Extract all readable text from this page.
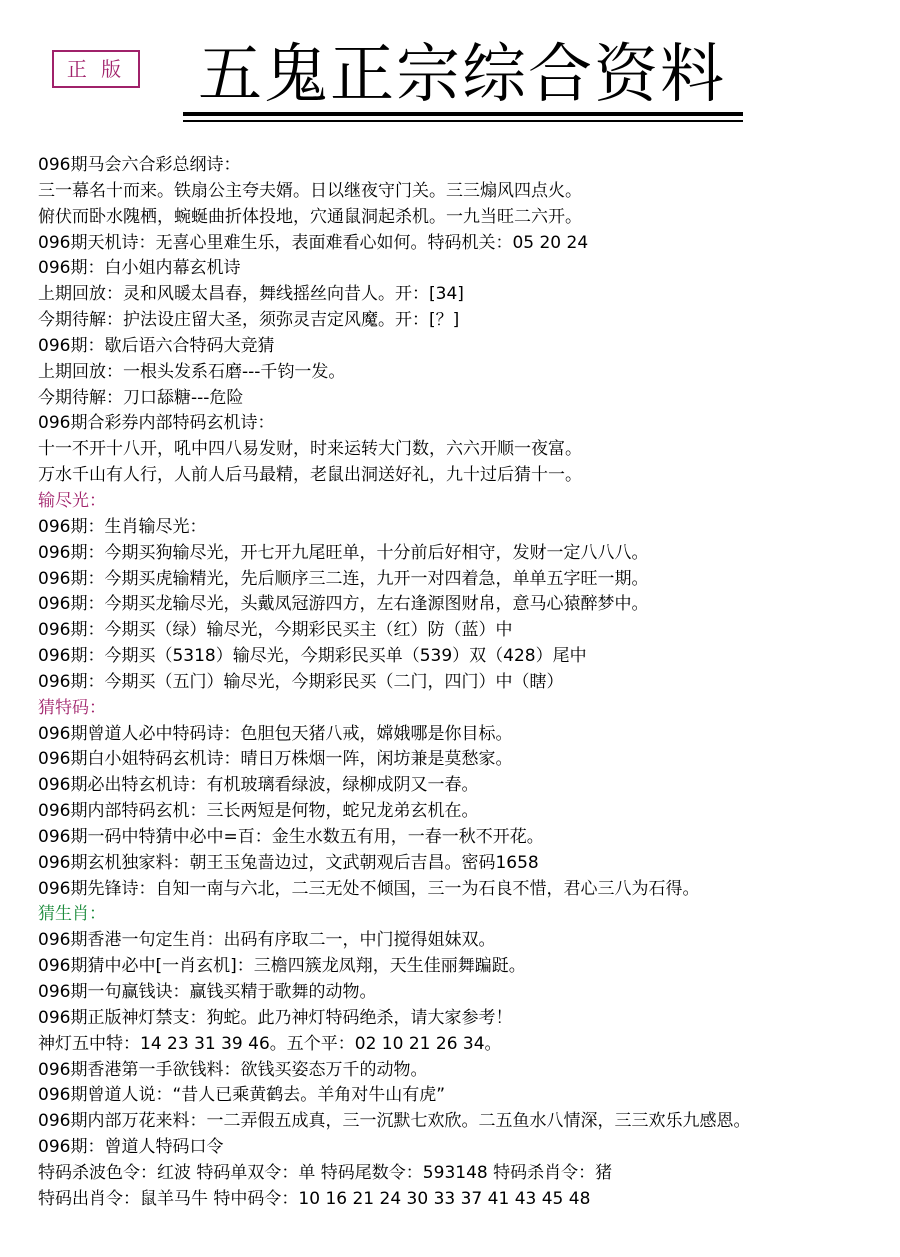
正 版 五鬼正宗综合资料
096期马会六合彩总纲诗：
三一幕名十而来。铁扇公主夸夫婿。日以继夜守门关。三三煽风四点火。
俯伏而卧水隗栖，蜿蜒曲折体投地，穴通鼠洞起杀机。一九当旺二六开。
096期天机诗：无喜心里难生乐，表面难看心如何。特码机关：05 20 24
096期：白小姐内幕玄机诗
上期回放：灵和风暖太昌春，舞线摇丝向昔人。开：[34]
今期待解：护法设庄留大圣，须弥灵吉定风魔。开：[？]
096期：歇后语六合特码大竞猜
上期回放：一根头发系石磨---千钧一发。
今期待解：刀口舔糖---危险
096期合彩券内部特码玄机诗：
十一不开十八开，吼中四八易发财，时来运转大门数，六六开顺一夜富。
万水千山有人行，人前人后马最精，老鼠出洞送好礼，九十过后猜十一。
输尽光：
096期：生肖输尽光：
096期：今期买狗输尽光，开七开九尾旺单，十分前后好相守，发财一定八八八。
096期：今期买虎输精光，先后顺序三二连，九开一对四着急，单单五字旺一期。
096期：今期买龙输尽光，头戴凤冠游四方，左右逢源图财帛，意马心猿醉梦中。
096期：今期买（绿）输尽光，今期彩民买主（红）防（蓝）中
096期：今期买（5318）输尽光，今期彩民买单（539）双（428）尾中
096期：今期买（五门）输尽光，今期彩民买（二门，四门）中（瞎）
猜特码：
096期曾道人必中特码诗：色胆包天猪八戒，嫦娥哪是你目标。
096期白小姐特码玄机诗：晴日万株烟一阵，闲坊兼是莫愁家。
096期必出特玄机诗：有机玻璃看绿波，绿柳成阴又一春。
096期内部特码玄机：三长两短是何物，蛇兄龙弟玄机在。
096期一码中特猜中必中=百：金生水数五有用，一春一秋不开花。
096期玄机独家料：朝王玉兔啬边过，文武朝观后吉昌。密码1658
096期先锋诗：自知一南与六北，二三无处不倾国，三一为石良不惜，君心三八为石得。
猜生肖：
096期香港一句定生肖：出码有序取二一，中门搅得姐妹双。
096期猜中必中[一肖玄机]：三檐四簇龙凤翔，天生佳丽舞蹁跹。
096期一句赢钱诀：赢钱买精于歌舞的动物。
096期正版神灯禁支：狗蛇。此乃神灯特码绝杀，请大家参考！
神灯五中特：14 23 31 39 46。五个平：02 10 21 26 34。
096期香港第一手欲钱料：欲钱买姿态万千的动物。
096期曾道人说：“昔人已乘黄鹤去。羊角对牛山有虎”
096期内部万花来料：一二弄假五成真，三一沉默七欢欣。二五鱼水八情深，三三欢乐九感恩。
096期：曾道人特码口令
特码杀波色令：红波 特码单双令：单 特码尾数令：593148 特码杀肖令：猪
特码出肖令：鼠羊马牛 特中码令：10 16 21 24 30 33 37 41 43 45 48
